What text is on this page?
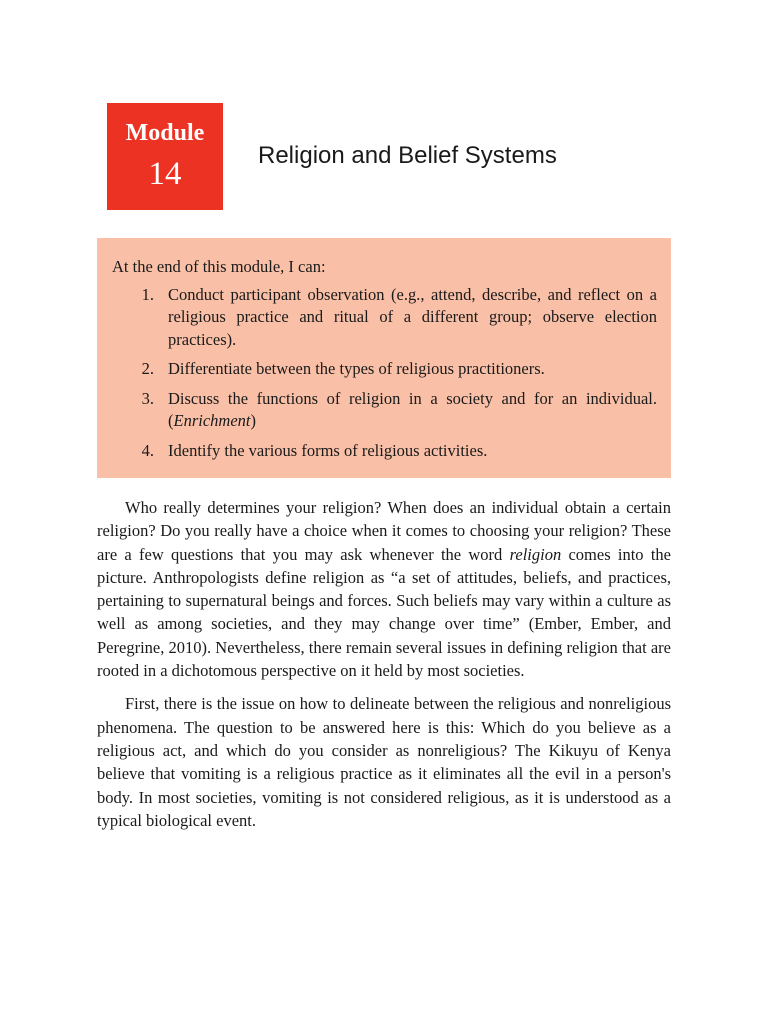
Module
14
Religion and Belief Systems

At the end of this module, I can:

1. Conduct participant observation (e.g., attend, describe, and reflect on a religious practice and ritual of a different group; observe election practices).
2. Differentiate between the types of religious practitioners.
3. Discuss the functions of religion in a society and for an individual. (Enrichment)
4. Identify the various forms of religious activities.

Who really determines your religion? When does an individual obtain a certain religion? Do you really have a choice when it comes to choosing your religion? These are a few questions that you may ask whenever the word religion comes into the picture. Anthropologists define religion as “a set of attitudes, beliefs, and practices, pertaining to supernatural beings and forces. Such beliefs may vary within a culture as well as among societies, and they may change over time” (Ember, Ember, and Peregrine, 2010). Nevertheless, there remain several issues in defining religion that are rooted in a dichotomous perspective on it held by most societies.

First, there is the issue on how to delineate between the religious and nonreligious phenomena. The question to be answered here is this: Which do you believe as a religious act, and which do you consider as nonreligious? The Kikuyu of Kenya believe that vomiting is a religious practice as it eliminates all the evil in a person's body. In most societies, vomiting is not considered religious, as it is understood as a typical biological event.
